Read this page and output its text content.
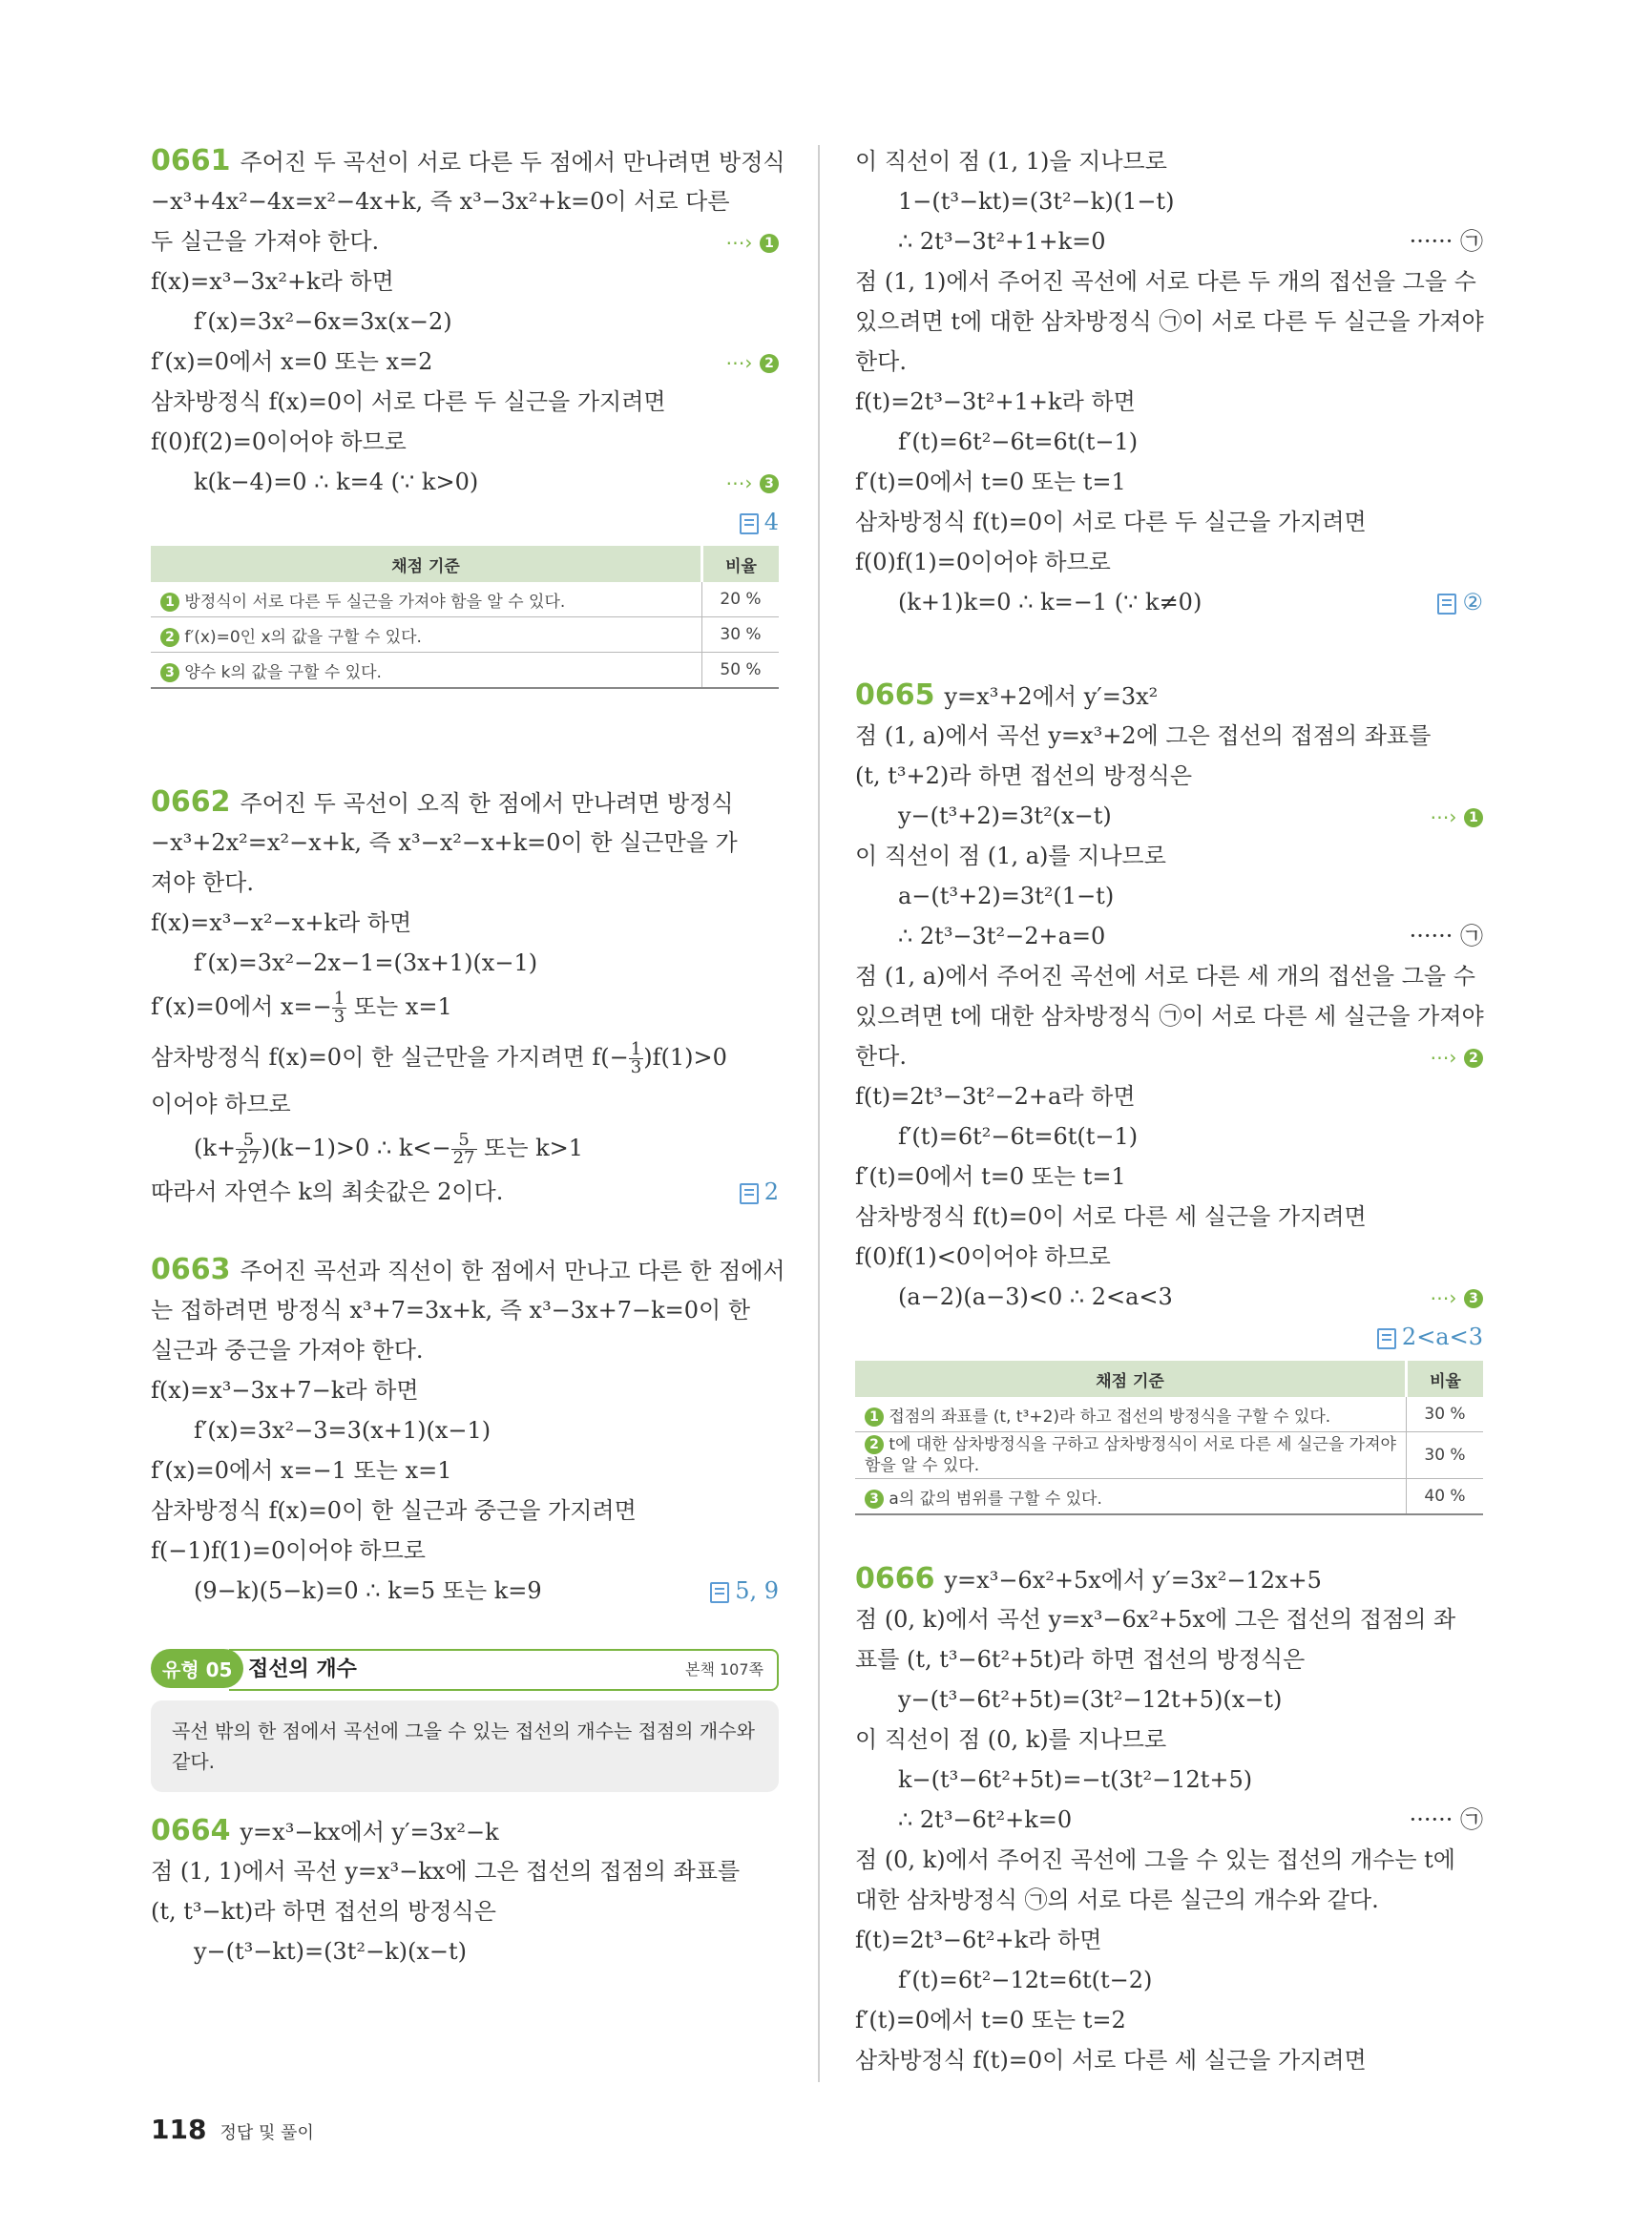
0661 주어진 두 곡선이 서로 다른 두 점에서 만나려면 방정식
−x³+4x²−4x=x²−4x+k, 즉 x³−3x²+k=0이 서로 다른
두 실근을 가져야 한다.	⋯› 1
f(x)=x³−3x²+k라 하면
f′(x)=3x²−6x=3x(x−2)
f′(x)=0에서 x=0 또는 x=2	⋯› 2
삼차방정식 f(x)=0이 서로 다른 두 실근을 가지려면
f(0)f(2)=0이어야 하므로
k(k−4)=0 ∴ k=4 (∵ k>0)	⋯› 3
4
채점 기준	비율
1 방정식이 서로 다른 두 실근을 가져야 함을 알 수 있다.	20 %
2 f′(x)=0인 x의 값을 구할 수 있다.	30 %
3 양수 k의 값을 구할 수 있다.	50 %
0662 주어진 두 곡선이 오직 한 점에서 만나려면 방정식
−x³+2x²=x²−x+k, 즉 x³−x²−x+k=0이 한 실근만을 가
져야 한다.
f(x)=x³−x²−x+k라 하면
f′(x)=3x²−2x−1=(3x+1)(x−1)
f′(x)=0에서 $x=- \frac{1}{3}$ 또는 x=1
삼차방정식 f(x)=0이 한 실근만을 가지려면 $f(- \frac{1}{3} )f(1)>0$
이어야 하므로
$(k+ \frac{5}{27} )(k-1)>0$ ∴ $k<- \frac{5}{27}$ 또는 k>1
따라서 자연수 k의 최솟값은 2이다.	2
0663 주어진 곡선과 직선이 한 점에서 만나고 다른 한 점에서
는 접하려면 방정식 x³+7=3x+k, 즉 x³−3x+7−k=0이 한
실근과 중근을 가져야 한다.
f(x)=x³−3x+7−k라 하면
f′(x)=3x²−3=3(x+1)(x−1)
f′(x)=0에서 x=−1 또는 x=1
삼차방정식 f(x)=0이 한 실근과 중근을 가지려면
f(−1)f(1)=0이어야 하므로
(9−k)(5−k)=0 ∴ k=5 또는 k=9	5, 9
유형 05 접선의 개수	본책 107쪽
곡선 밖의 한 점에서 곡선에 그을 수 있는 접선의 개수는 접점의 개수와 같다.
0664 y=x³−kx에서 y′=3x²−k
점 (1, 1)에서 곡선 y=x³−kx에 그은 접선의 접점의 좌표를
(t, t³−kt)라 하면 접선의 방정식은
y−(t³−kt)=(3t²−k)(x−t)
이 직선이 점 (1, 1)을 지나므로
1−(t³−kt)=(3t²−k)(1−t)
∴ 2t³−3t²+1+k=0	······ ㉠
점 (1, 1)에서 주어진 곡선에 서로 다른 두 개의 접선을 그을 수
있으려면 t에 대한 삼차방정식 ㉠이 서로 다른 두 실근을 가져야
한다.
f(t)=2t³−3t²+1+k라 하면
f′(t)=6t²−6t=6t(t−1)
f′(t)=0에서 t=0 또는 t=1
삼차방정식 f(t)=0이 서로 다른 두 실근을 가지려면
f(0)f(1)=0이어야 하므로
(k+1)k=0 ∴ k=−1 (∵ k≠0)	②
0665 y=x³+2에서 y′=3x²
점 (1, a)에서 곡선 y=x³+2에 그은 접선의 접점의 좌표를
(t, t³+2)라 하면 접선의 방정식은
y−(t³+2)=3t²(x−t)	⋯› 1
이 직선이 점 (1, a)를 지나므로
a−(t³+2)=3t²(1−t)
∴ 2t³−3t²−2+a=0	······ ㉠
점 (1, a)에서 주어진 곡선에 서로 다른 세 개의 접선을 그을 수
있으려면 t에 대한 삼차방정식 ㉠이 서로 다른 세 실근을 가져야
한다.	⋯› 2
f(t)=2t³−3t²−2+a라 하면
f′(t)=6t²−6t=6t(t−1)
f′(t)=0에서 t=0 또는 t=1
삼차방정식 f(t)=0이 서로 다른 세 실근을 가지려면
f(0)f(1)<0이어야 하므로
(a−2)(a−3)<0 ∴ 2<a<3	⋯› 3
2<a<3
채점 기준	비율
1 접점의 좌표를 (t, t³+2)라 하고 접선의 방정식을 구할 수 있다.	30 %
2 t에 대한 삼차방정식을 구하고 삼차방정식이 서로 다른 세 실근을 가져야 함을 알 수 있다.	30 %
3 a의 값의 범위를 구할 수 있다.	40 %
0666 y=x³−6x²+5x에서 y′=3x²−12x+5
점 (0, k)에서 곡선 y=x³−6x²+5x에 그은 접선의 접점의 좌
표를 (t, t³−6t²+5t)라 하면 접선의 방정식은
y−(t³−6t²+5t)=(3t²−12t+5)(x−t)
이 직선이 점 (0, k)를 지나므로
k−(t³−6t²+5t)=−t(3t²−12t+5)
∴ 2t³−6t²+k=0	······ ㉠
점 (0, k)에서 주어진 곡선에 그을 수 있는 접선의 개수는 t에
대한 삼차방정식 ㉠의 서로 다른 실근의 개수와 같다.
f(t)=2t³−6t²+k라 하면
f′(t)=6t²−12t=6t(t−2)
f′(t)=0에서 t=0 또는 t=2
삼차방정식 f(t)=0이 서로 다른 세 실근을 가지려면
118 정답 및 풀이
